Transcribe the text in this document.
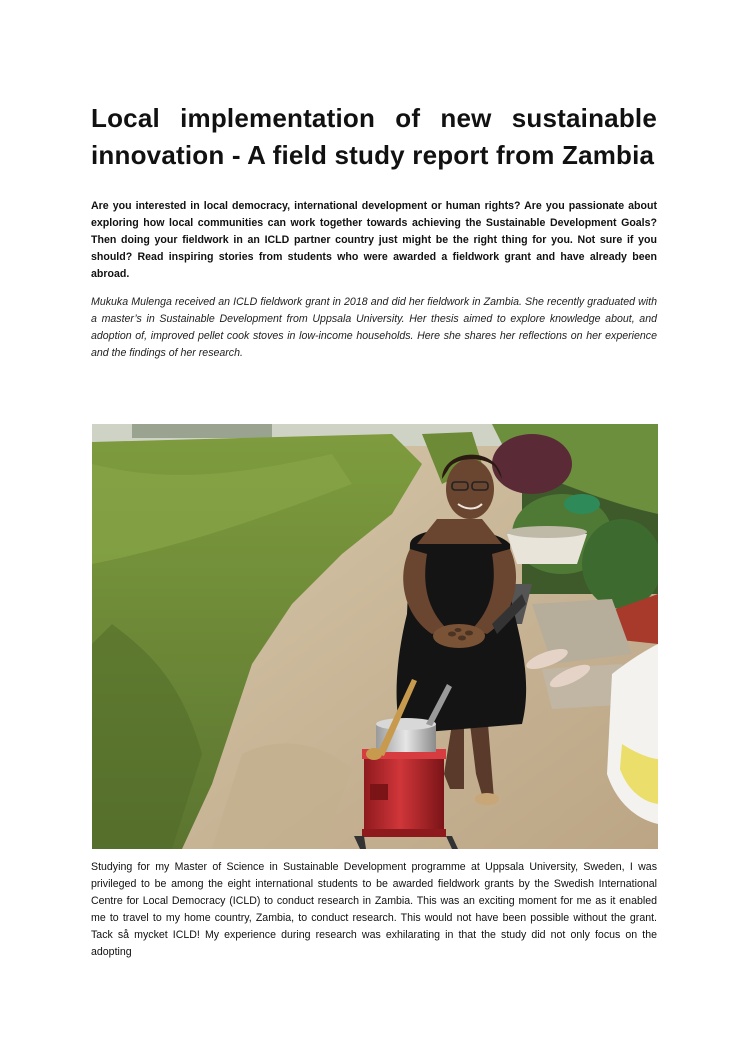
Local implementation of new sustainable innovation - A field study report from Zambia

Are you interested in local democracy, international development or human rights? Are you passionate about exploring how local communities can work together towards achieving the Sustainable Development Goals? Then doing your fieldwork in an ICLD partner country just might be the right thing for you. Not sure if you should? Read inspiring stories from students who were awarded a fieldwork grant and have already been abroad.

Mukuka Mulenga received an ICLD fieldwork grant in 2018 and did her fieldwork in Zambia. She recently graduated with a master’s in Sustainable Development from Uppsala University. Her thesis aimed to explore knowledge about, and adoption of, improved pellet cook stoves in low-income households. Here she shares her reflections on her experience and the findings of her research.

Studying for my Master of Science in Sustainable Development programme at Uppsala University, Sweden, I was privileged to be among the eight international students to be awarded fieldwork grants by the Swedish International Centre for Local Democracy (ICLD) to conduct research in Zambia. This was an exciting moment for me as it enabled me to travel to my home country, Zambia, to conduct research. This would not have been possible without the grant. Tack så mycket ICLD! My experience during research was exhilarating in that the study did not only focus on the adopting
